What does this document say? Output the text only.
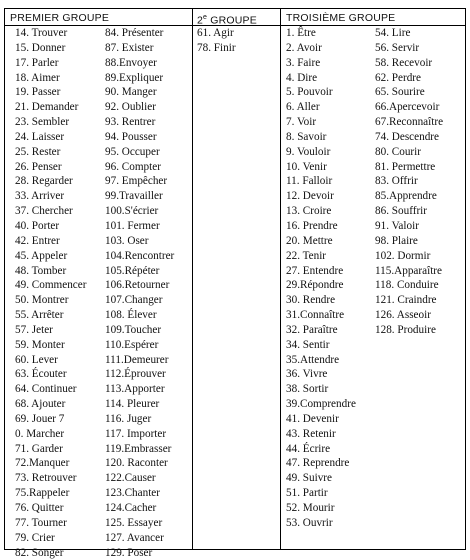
PREMIER GROUPE	2e GROUPE	TROISIÈME GROUPE
14. Trouver
15. Donner
17. Parler
18. Aimer
19. Passer
21. Demander
23. Sembler
24. Laisser
25. Rester
26. Penser
28. Regarder
33. Arriver
37. Chercher
40. Porter
42. Entrer
45. Appeler
48. Tomber
49. Commencer
50. Montrer
55. Arrêter
57. Jeter
59. Monter
60. Lever
63. Écouter
64. Continuer
68. Ajouter
69. Jouer 7
0. Marcher
71. Garder
72.Manquer
73. Retrouver
75.Rappeler
76. Quitter
77. Tourner
79. Crier
82. Songer
84. Présenter
87. Exister
88.Envoyer
89.Expliquer
90. Manger
92. Oublier
93. Rentrer
94. Pousser
95. Occuper
96. Compter
97. Empêcher
99.Travailler
100.S'écrier
101. Fermer
103. Oser
104.Rencontrer
105.Répéter
106.Retourner
107.Changer
108. Élever
109.Toucher
110.Espérer
111.Demeurer
112.Éprouver
113.Apporter
114. Pleurer
116. Juger
117. Importer
119.Embrasser
120. Raconter
122.Causer
123.Chanter
124.Cacher
125. Essayer
127. Avancer
129. Poser
61. Agir
78. Finir
1. Être
2. Avoir
3. Faire
4. Dire
5. Pouvoir
6. Aller
7. Voir
8. Savoir
9. Vouloir
10. Venir
11. Falloir
12. Devoir
13. Croire
16. Prendre
20. Mettre
22. Tenir
27. Entendre
29.Répondre
30. Rendre
31.Connaître
32. Paraître
34. Sentir
35.Attendre
36. Vivre
38. Sortir
39.Comprendre
41. Devenir
43. Retenir
44. Écrire
47. Reprendre
49. Suivre
51. Partir
52. Mourir
53. Ouvrir
54. Lire
56. Servir
58. Recevoir
62. Perdre
65. Sourire
66.Apercevoir
67.Reconnaître
74. Descendre
80. Courir
81. Permettre
83. Offrir
85.Apprendre
86. Souffrir
91. Valoir
98. Plaire
102. Dormir
115.Apparaître
118. Conduire
121. Craindre
126. Asseoir
128. Produire
